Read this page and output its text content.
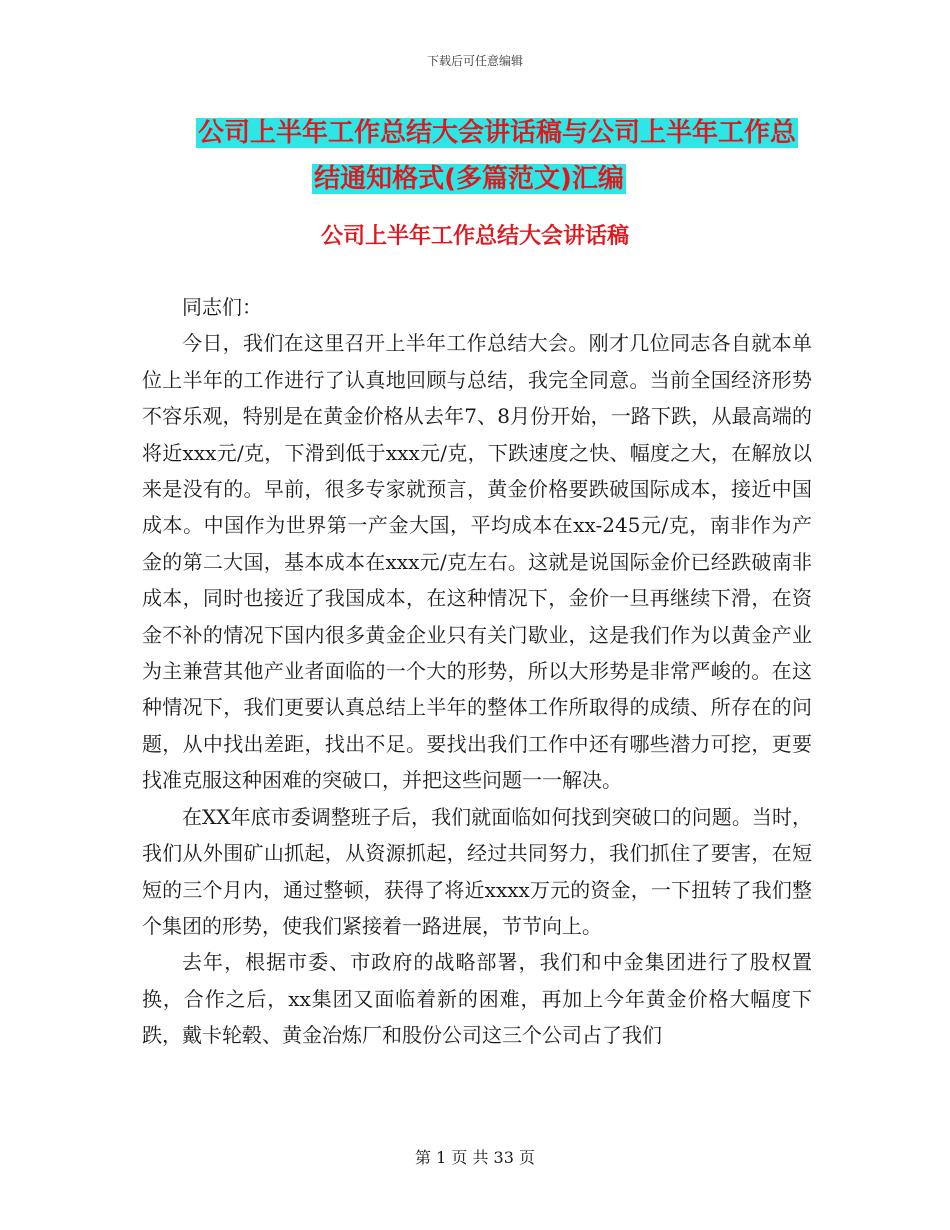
下载后可任意编辑
公司上半年工作总结大会讲话稿与公司上半年工作总
结通知格式(多篇范文)汇编
公司上半年工作总结大会讲话稿

同志们：

今日，我们在这里召开上半年工作总结大会。刚才几位同志各自就本单位上半年的工作进行了认真地回顾与总结，我完全同意。当前全国经济形势不容乐观，特别是在黄金价格从去年7、8月份开始，一路下跌，从最高端的将近xxx元/克，下滑到低于xxx元/克，下跌速度之快、幅度之大，在解放以来是没有的。早前，很多专家就预言，黄金价格要跌破国际成本，接近中国成本。中国作为世界第一产金大国，平均成本在xx-245元/克，南非作为产金的第二大国，基本成本在xxx元/克左右。这就是说国际金价已经跌破南非成本，同时也接近了我国成本，在这种情况下，金价一旦再继续下滑，在资金不补的情况下国内很多黄金企业只有关门歇业，这是我们作为以黄金产业为主兼营其他产业者面临的一个大的形势，所以大形势是非常严峻的。在这种情况下，我们更要认真总结上半年的整体工作所取得的成绩、所存在的问题，从中找出差距，找出不足。要找出我们工作中还有哪些潜力可挖，更要找准克服这种困难的突破口，并把这些问题一一解决。

在XX年底市委调整班子后，我们就面临如何找到突破口的问题。当时，我们从外围矿山抓起，从资源抓起，经过共同努力，我们抓住了要害，在短短的三个月内，通过整顿，获得了将近xxxx万元的资金，一下扭转了我们整个集团的形势，使我们紧接着一路进展，节节向上。

去年，根据市委、市政府的战略部署，我们和中金集团进行了股权置换，合作之后，xx集团又面临着新的困难，再加上今年黄金价格大幅度下跌，戴卡轮毂、黄金冶炼厂和股份公司这三个公司占了我们

第 1 页 共 33 页
